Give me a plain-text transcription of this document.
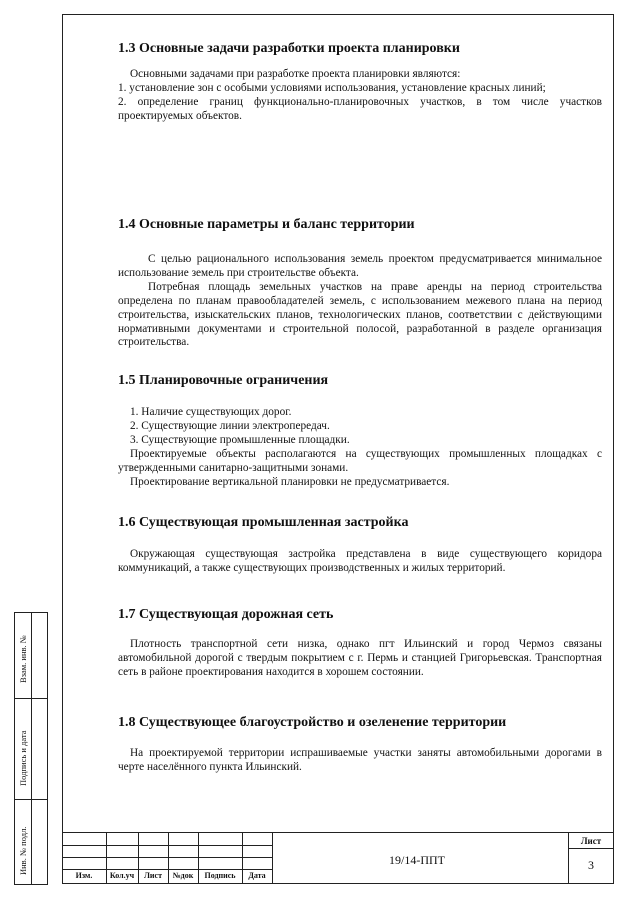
1.3 Основные задачи разработки проекта планировки

Основными задачами при разработке проекта планировки являются:

1. установление зон с особыми условиями использования, установление красных линий;

2. определение границ функционально-планировочных участков, в том числе участков проектируемых объектов.

1.4 Основные параметры и баланс территории

С целью рационального использования земель проектом предусматривается минимальное использование земель при строительстве объекта.

Потребная площадь земельных участков на праве аренды на период строительства определена по планам правообладателей земель, с использованием межевого плана на период строительства, изыскательских планов, технологических планов, соответствии с действующими нормативными документами и строительной полосой, разработанной в разделе организация строительства.

1.5 Планировочные ограничения
1. Наличие существующих дорог.
2. Существующие линии электропередач.
3. Существующие промышленные площадки.

Проектируемые объекты располагаются на существующих промышленных площадках с утвержденными санитарно-защитными зонами.

Проектирование вертикальной планировки не предусматривается.

1.6 Существующая промышленная застройка

Окружающая существующая застройка представлена в виде существующего коридора коммуникаций, а также существующих производственных и жилых территорий.

1.7 Существующая дорожная сеть

Плотность транспортной сети низка, однако пгт Ильинский и город Чермоз связаны автомобильной дорогой с твердым покрытием с г. Пермь и станцией Григорьевская. Транспортная сеть в районе проектирования находится в хорошем состоянии.

1.8 Существующее благоустройство и озеленение территории

На проектируемой территории испрашиваемые участки заняты автомобильными дорогами в черте населённого пункта Ильинский.

Взам. инв. №
Подпись и дата
Инв. № подл.
Изм.	Кол.уч	Лист	№док	Подпись	Дата
19/14-ППТ
Лист
3
